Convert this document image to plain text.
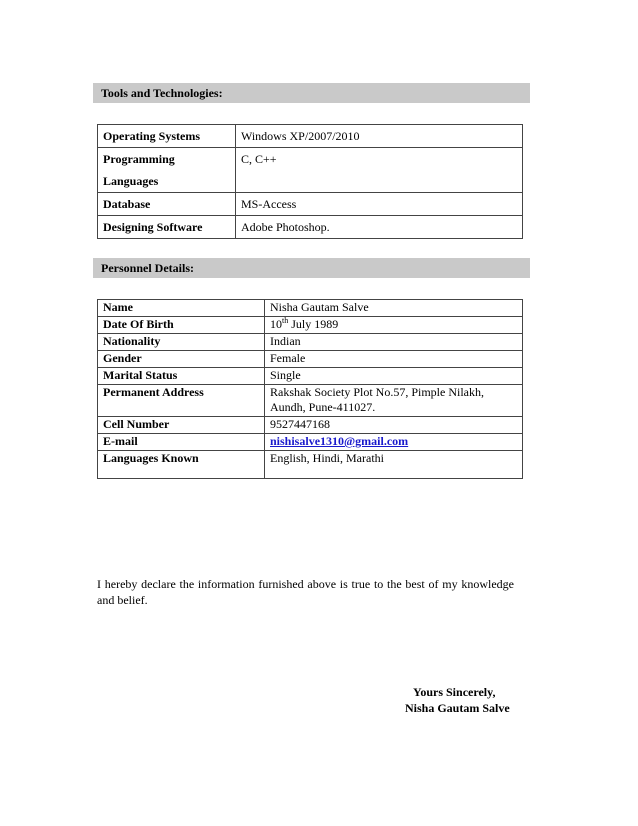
Tools and Technologies:
Operating Systems	Windows XP/2007/2010
Programming Languages	C, C++
Database	MS-Access
Designing Software	Adobe Photoshop.
Personnel Details:
Name	Nisha Gautam Salve
Date Of Birth	10th July 1989
Nationality	Indian
Gender	Female
Marital Status	Single
Permanent Address	Rakshak Society Plot No.57, Pimple Nilakh,
Aundh, Pune-411027.
Cell Number	9527447168
E-mail	nishisalve1310@gmail.com
Languages Known	English, Hindi, Marathi
I hereby declare the information furnished above is true to the best of my knowledge and belief.
Yours Sincerely,
Nisha Gautam Salve
